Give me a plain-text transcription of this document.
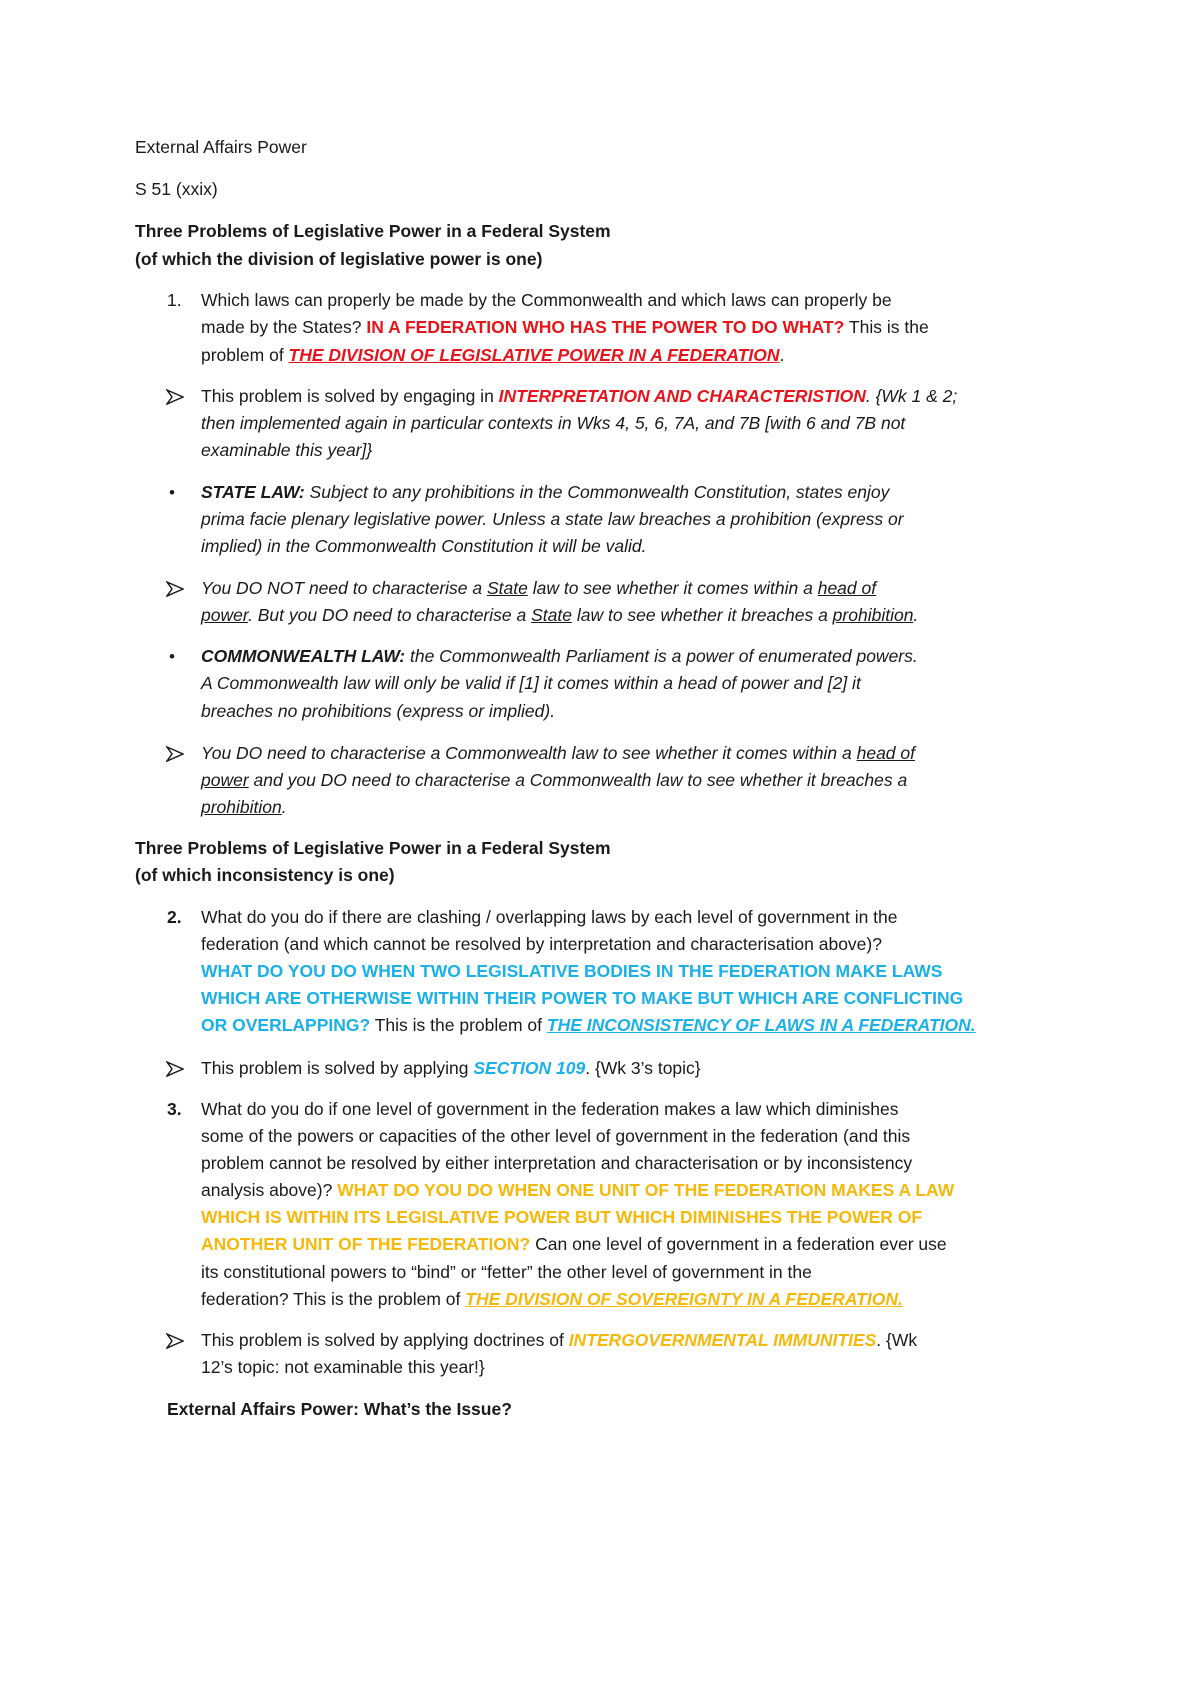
External Affairs Power
S 51 (xxix)
Three Problems of Legislative Power in a Federal System
(of which the division of legislative power is one)
1. Which laws can properly be made by the Commonwealth and which laws can properly be
made by the States? IN A FEDERATION WHO HAS THE POWER TO DO WHAT? This is the
problem of THE DIVISION OF LEGISLATIVE POWER IN A FEDERATION.
This problem is solved by engaging in INTERPRETATION AND CHARACTERISTION. {Wk 1 & 2;
then implemented again in particular contexts in Wks 4, 5, 6, 7A, and 7B [with 6 and 7B not
examinable this year]}
• STATE LAW: Subject to any prohibitions in the Commonwealth Constitution, states enjoy
prima facie plenary legislative power. Unless a state law breaches a prohibition (express or
implied) in the Commonwealth Constitution it will be valid.
You DO NOT need to characterise a State law to see whether it comes within a head of
power. But you DO need to characterise a State law to see whether it breaches a prohibition.
• COMMONWEALTH LAW: the Commonwealth Parliament is a power of enumerated powers.
A Commonwealth law will only be valid if [1] it comes within a head of power and [2] it
breaches no prohibitions (express or implied).
You DO need to characterise a Commonwealth law to see whether it comes within a head of
power and you DO need to characterise a Commonwealth law to see whether it breaches a
prohibition.
Three Problems of Legislative Power in a Federal System
(of which inconsistency is one)
2. What do you do if there are clashing / overlapping laws by each level of government in the
federation (and which cannot be resolved by interpretation and characterisation above)?
WHAT DO YOU DO WHEN TWO LEGISLATIVE BODIES IN THE FEDERATION MAKE LAWS
WHICH ARE OTHERWISE WITHIN THEIR POWER TO MAKE BUT WHICH ARE CONFLICTING
OR OVERLAPPING? This is the problem of THE INCONSISTENCY OF LAWS IN A FEDERATION.
This problem is solved by applying SECTION 109. {Wk 3’s topic}
3. What do you do if one level of government in the federation makes a law which diminishes
some of the powers or capacities of the other level of government in the federation (and this
problem cannot be resolved by either interpretation and characterisation or by inconsistency
analysis above)? WHAT DO YOU DO WHEN ONE UNIT OF THE FEDERATION MAKES A LAW
WHICH IS WITHIN ITS LEGISLATIVE POWER BUT WHICH DIMINISHES THE POWER OF
ANOTHER UNIT OF THE FEDERATION? Can one level of government in a federation ever use
its constitutional powers to “bind” or “fetter” the other level of government in the
federation? This is the problem of THE DIVISION OF SOVEREIGNTY IN A FEDERATION.
This problem is solved by applying doctrines of INTERGOVERNMENTAL IMMUNITIES. {Wk
12’s topic: not examinable this year!}
External Affairs Power: What’s the Issue?
